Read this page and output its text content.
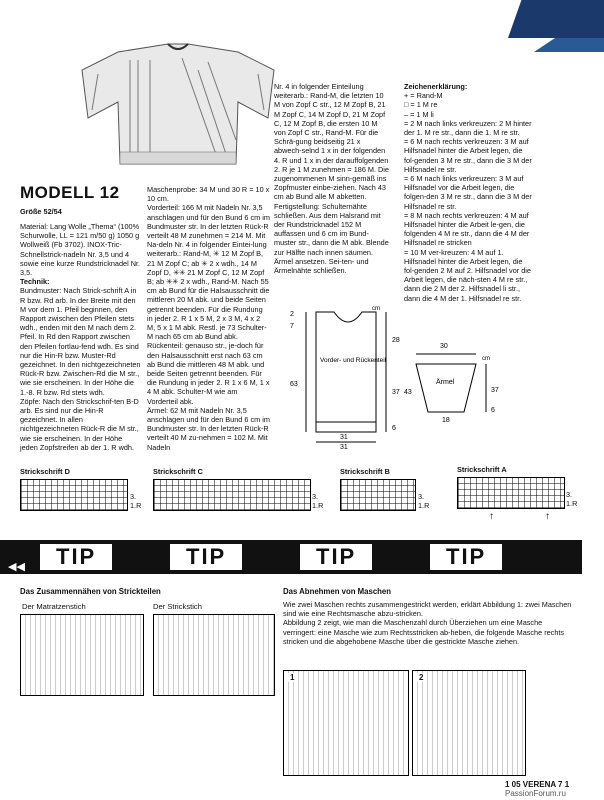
MODELL 12
Größe 52/54

Material: Lang Wolle „Thema“ (100% Schurwolle, LL = 121 m/50 g) 1050 g Wollweiß (Fb 3702). INOX-Tric-Schnellstrick-nadeln Nr. 3,5 und 4 sowie eine kurze Rundstricknadel Nr. 3,5.

Technik:

Bundmuster: Nach Strick-schrift A in R bzw. Rd arb. In der Breite mit den M vor dem 1. Pfeil beginnen, den Rapport zwischen den Pfeilen stets wdh., enden mit den M nach dem 2. Pfeil. In Rd den Rapport zwischen den Pfeilen fortlau-fend wdh. Es sind nur die Hin-R bzw. Muster-Rd gezeichnet. In den nichtgezeichneten Rück-R bzw. Zwischen-Rd die M str., wie sie erscheinen. In der Höhe die 1.-8. R bzw. Rd stets wdh.

Zöpfe: Nach den Strickschrif-ten B-D arb. Es sind nur die Hin-R gezeichnet. In allen nichtgezeichneten Rück-R die M str., wie sie erscheinen. In der Höhe jeden Zopfstreifen ab der 1. R wdh.

Maschenprobe: 34 M und 30 R = 10 x 10 cm.

Vorderteil: 166 M mit Nadeln Nr. 3,5 anschlagen und für den Bund 6 cm im Bundmuster str. In der letzten Rück-R verteilt 48 M zunehmen = 214 M. Mit Na-deln Nr. 4 in folgender Eintei-lung weiterarb.: Rand-M, ✳ 12 M Zopf B, 21 M Zopf C; ab ✳ 2 x wdh., 14 M Zopf D, ✳✳ 21 M Zopf C, 12 M Zopf B; ab ✳✳ 2 x wdh., Rand-M. Nach 55 cm ab Bund für die Halsausschnitt die mittleren 20 M abk. und beide Seiten getrennt beenden. Für die Rundung in jeder 2. R 1 x 5 M, 2 x 3 M, 4 x 2 M, 5 x 1 M abk. Restl. je 73 Schulter-M nach 65 cm ab Bund abk.

Rückenteil: genauso str., je-doch für den Halsausschnitt erst nach 63 cm ab Bund die mittleren 48 M abk. und beide Seiten getrennt beenden. Für die Rundung in jeder 2. R 1 x 6 M, 1 x 4 M abk. Schulter-M wie am Vorderteil abk.

Ärmel: 62 M mit Nadeln Nr. 3,5 anschlagen und für den Bund 6 cm im Bundmuster str. In der letzten Rück-R verteilt 40 M zu-nehmen = 102 M. Mit Nadeln

Nr. 4 in folgender Einteilung weiterarb.: Rand-M, die letzten 10 M von Zopf C str., 12 M Zopf B, 21 M Zopf C, 14 M Zopf D, 21 M Zopf C, 12 M Zopf B, die ersten 10 M von Zopf C str., Rand-M. Für die Schrä-gung beidseitig 21 x abwech-selnd 1 x in der folgenden 4. R und 1 x in der darauffolgenden 2. R je 1 M zunehmen = 186 M. Die zugenommenen M sinn-gemäß ins Zopfmuster einbe-ziehen. Nach 43 cm ab Bund alle M abketten.

Fertigstellung: Schulternähte schließen. Aus dem Halsrand mit der Rundstricknadel 152 M auffassen und 6 cm im Bund-muster str., dann die M abk. Blende zur Hälfte nach innen säumen. Ärmel ansetzen. Sei-ten- und Ärmelnähte schließen.

Zeichenerklärung:

+ = Rand-M

□ = 1 M re

– = 1 M li

= 2 M nach links verkreuzen: 2 M hinter der 1. M re str., dann die 1. M re str.

= 6 M nach rechts verkreuzen: 3 M auf Hilfsnadel hinter die Arbeit legen, die fol-genden 3 M re str., dann die 3 M der Hilfsnadel re str.

= 6 M nach links verkreuzen: 3 M auf Hilfsnadel vor die Arbeit legen, die folgen-den 3 M re str., dann die 3 M der Hilfsnadel re str.

= 8 M nach rechts verkreuzen: 4 M auf Hilfsnadel hinter die Arbeit le-gen, die folgenden 4 M re str., dann die 4 M der Hilfsnadel re stricken

= 10 M ver-kreuzen: 4 M auf 1. Hilfsnadel hinter die Arbeit legen, die fol-genden 2 M auf 2. Hilfsnadel vor die Arbeit legen, die näch-sten 4 M re str., dann die 2 M der 2. Hilfsnadel li str., dann die 4 M der 1. Hilfsnadel re str.

2
7
28
63
37
6
31
31
cm
Vorder- und Rückenteil
Ärmel
30
43	37
6
18
cm
Strickschrift D
3. 1.R
Strickschrift C
3. 1.R
Strickschrift B
3. 1.R
Strickschrift A
3. 1.R
↑	↑
◀◀	TIP	TIP	TIP	TIP
Das Zusammennähen von Strickteilen
Der Matratzenstich	Der Strickstich
Das Abnehmen von Maschen

Wie zwei Maschen rechts zusammengestrickt werden, erklärt Abbildung 1: zwei Maschen sind wie eine Rechtsmasche abzu-stricken.

Abbildung 2 zeigt, wie man die Maschenzahl durch Überziehen um eine Masche verringert: eine Masche wie zum Rechtsstricken ab-heben, die folgende Masche rechts stricken und die abgehobene Masche über die gestrickte Masche ziehen.

1	2
1 05 VERENA 7 1
PassionForum.ru
